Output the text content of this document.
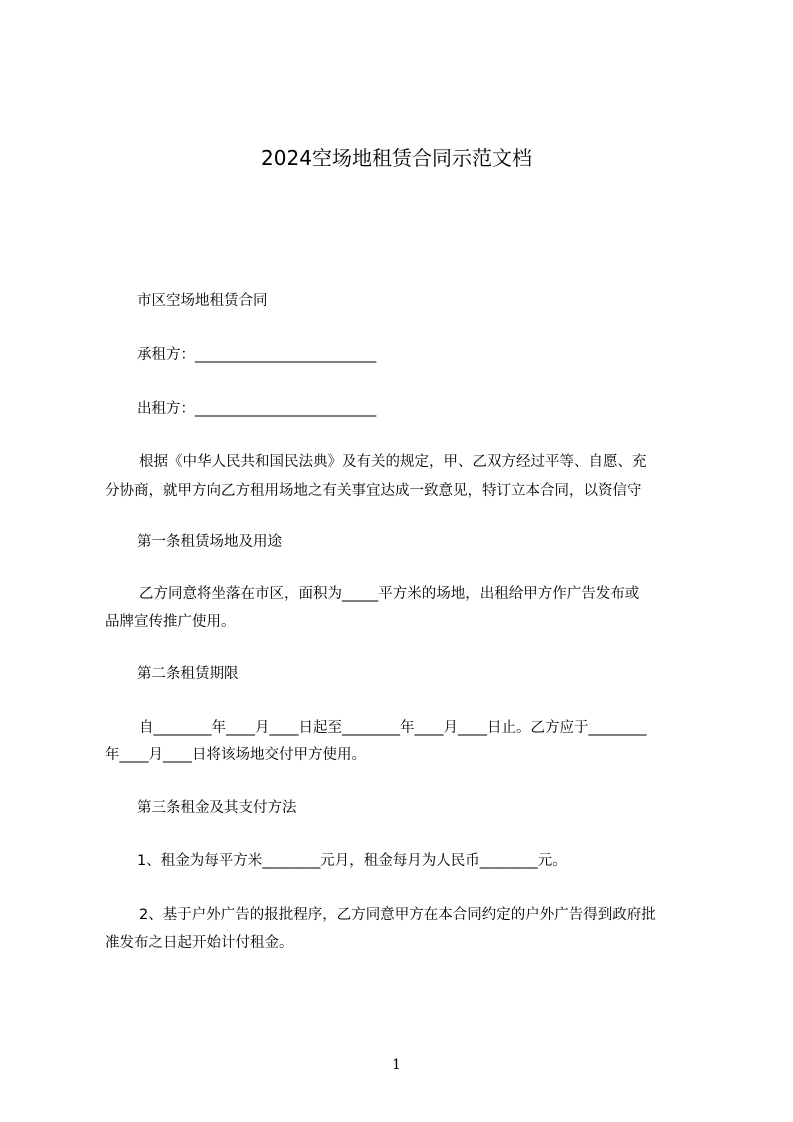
2024空场地租赁合同示范文档
市区空场地租赁合同
承租方：_________________________
出租方：_________________________
根据《中华人民共和国民法典》及有关的规定，甲、乙双方经过平等、自愿、充
分协商，就甲方向乙方租用场地之有关事宜达成一致意见，特订立本合同，以资信守
第一条租赁场地及用途
乙方同意将坐落在市区，面积为_____平方米的场地，出租给甲方作广告发布或
品牌宣传推广使用。
第二条租赁期限
自________年____月____日起至________年____月____日止。乙方应于________
年____月____日将该场地交付甲方使用。
第三条租金及其支付方法
1、租金为每平方米________元月，租金每月为人民币________元。
2、基于户外广告的报批程序，乙方同意甲方在本合同约定的户外广告得到政府批
准发布之日起开始计付租金。
1
